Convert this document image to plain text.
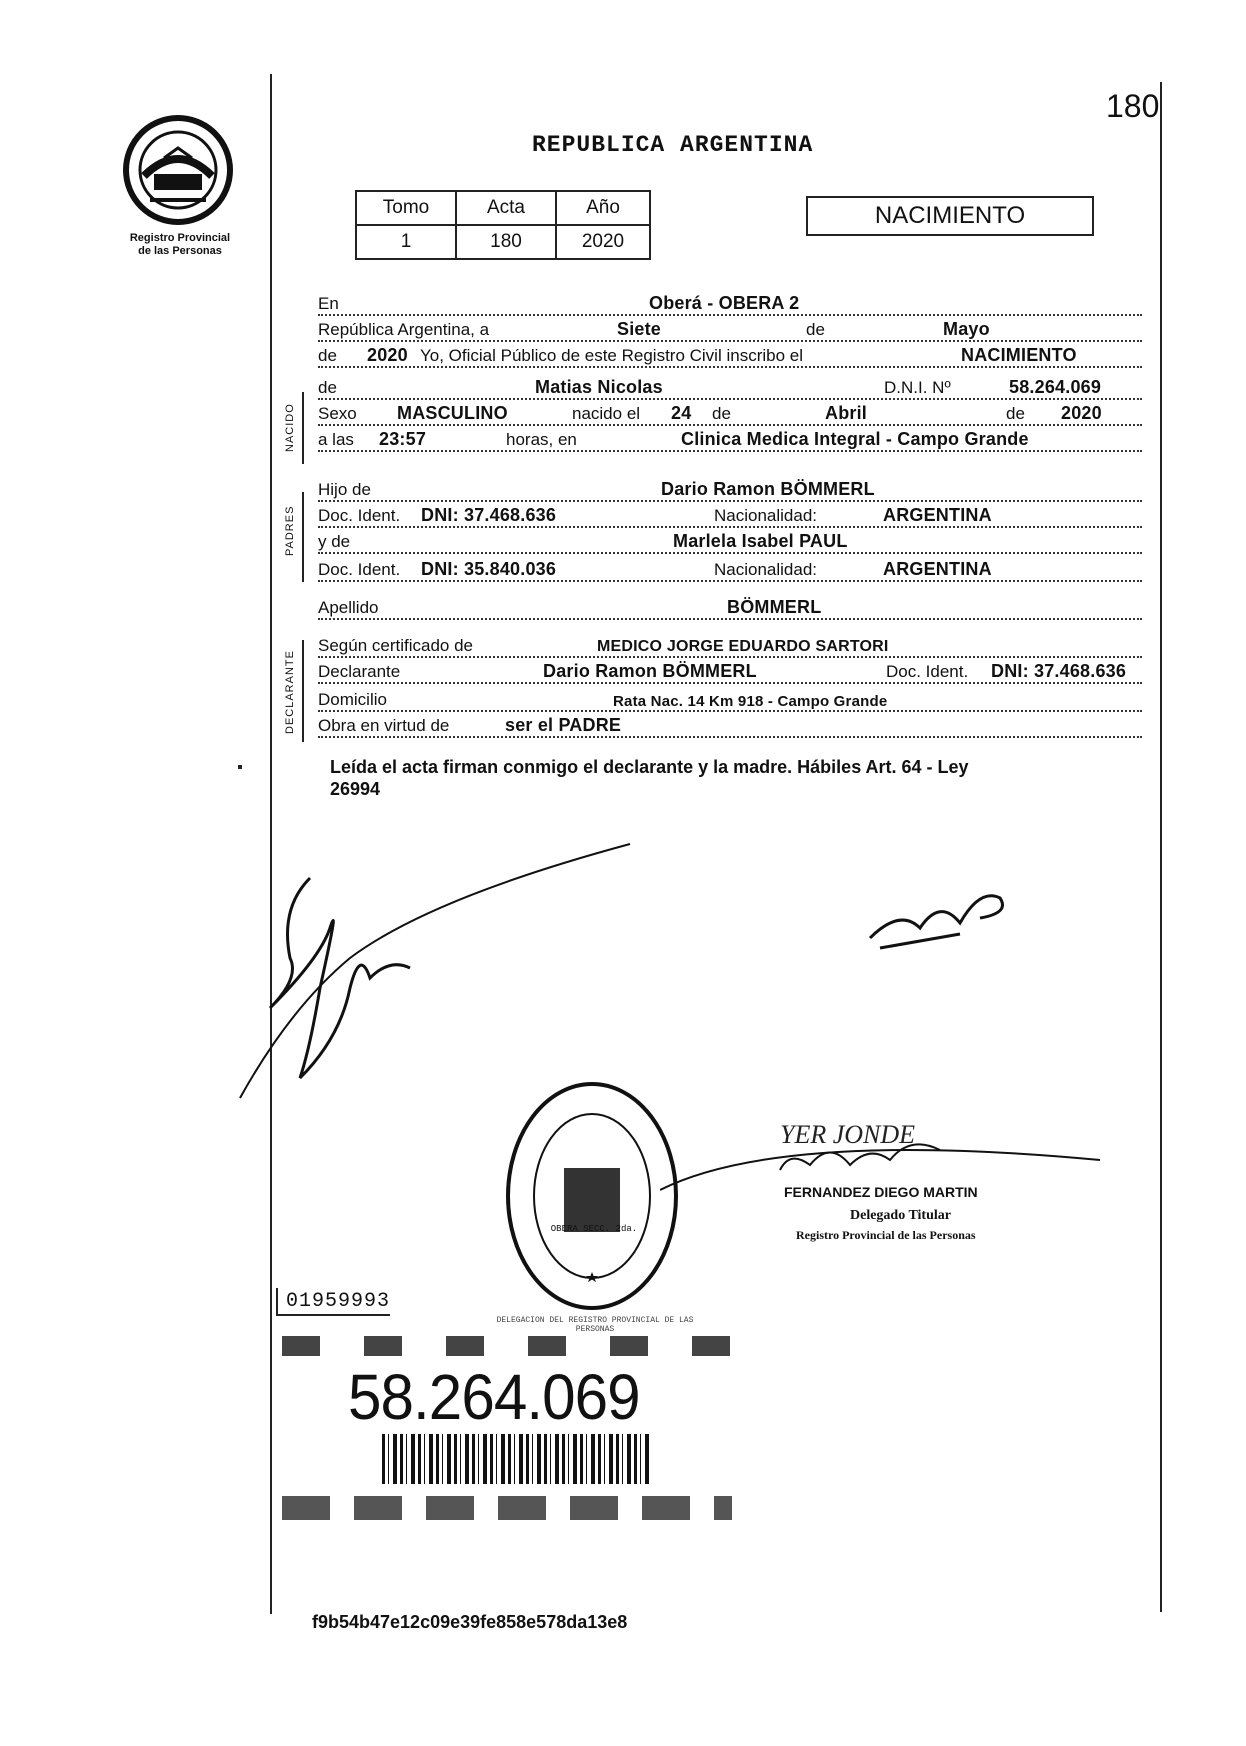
180
Registro Provincial
de las Personas
REPUBLICA ARGENTINA
Tomo	Acta	Año
1	180	2020
NACIMIENTO
En	Oberá - OBERA 2
República Argentina, a	Siete	de	Mayo
de 2020 Yo, Oficial Público de este Registro Civil inscribo el	NACIMIENTO
NACIDO
de	Matias Nicolas	D.N.I. Nº	58.264.069
Sexo MASCULINO	nacido el 24 de	Abril	de 2020
a las 23:57	horas, en	Clinica Medica Integral - Campo Grande
PADRES
Hijo de	Dario Ramon BÖMMERL
Doc. Ident. DNI: 37.468.636	Nacionalidad:	ARGENTINA
y de	Marlela Isabel PAUL
Doc. Ident. DNI: 35.840.036	Nacionalidad:	ARGENTINA
Apellido	BÖMMERL
DECLARANTE
Según certificado de	MEDICO JORGE EDUARDO SARTORI
Declarante	Dario Ramon BÖMMERL	Doc. Ident. DNI: 37.468.636
Domicilio	Rata Nac. 14 Km 918 - Campo Grande
Obra en virtud de	ser el PADRE
Leída el acta firman conmigo el declarante y la madre. Hábiles Art. 64 - Ley
26994
DELEGACION DEL REGISTRO PROVINCIAL DE LAS PERSONAS
OBERA SECC. 2da.
YER JONDE
FERNANDEZ DIEGO MARTIN
Delegado Titular
Registro Provincial de las Personas
01959993
58.264.069
f9b54b47e12c09e39fe858e578da13e8
